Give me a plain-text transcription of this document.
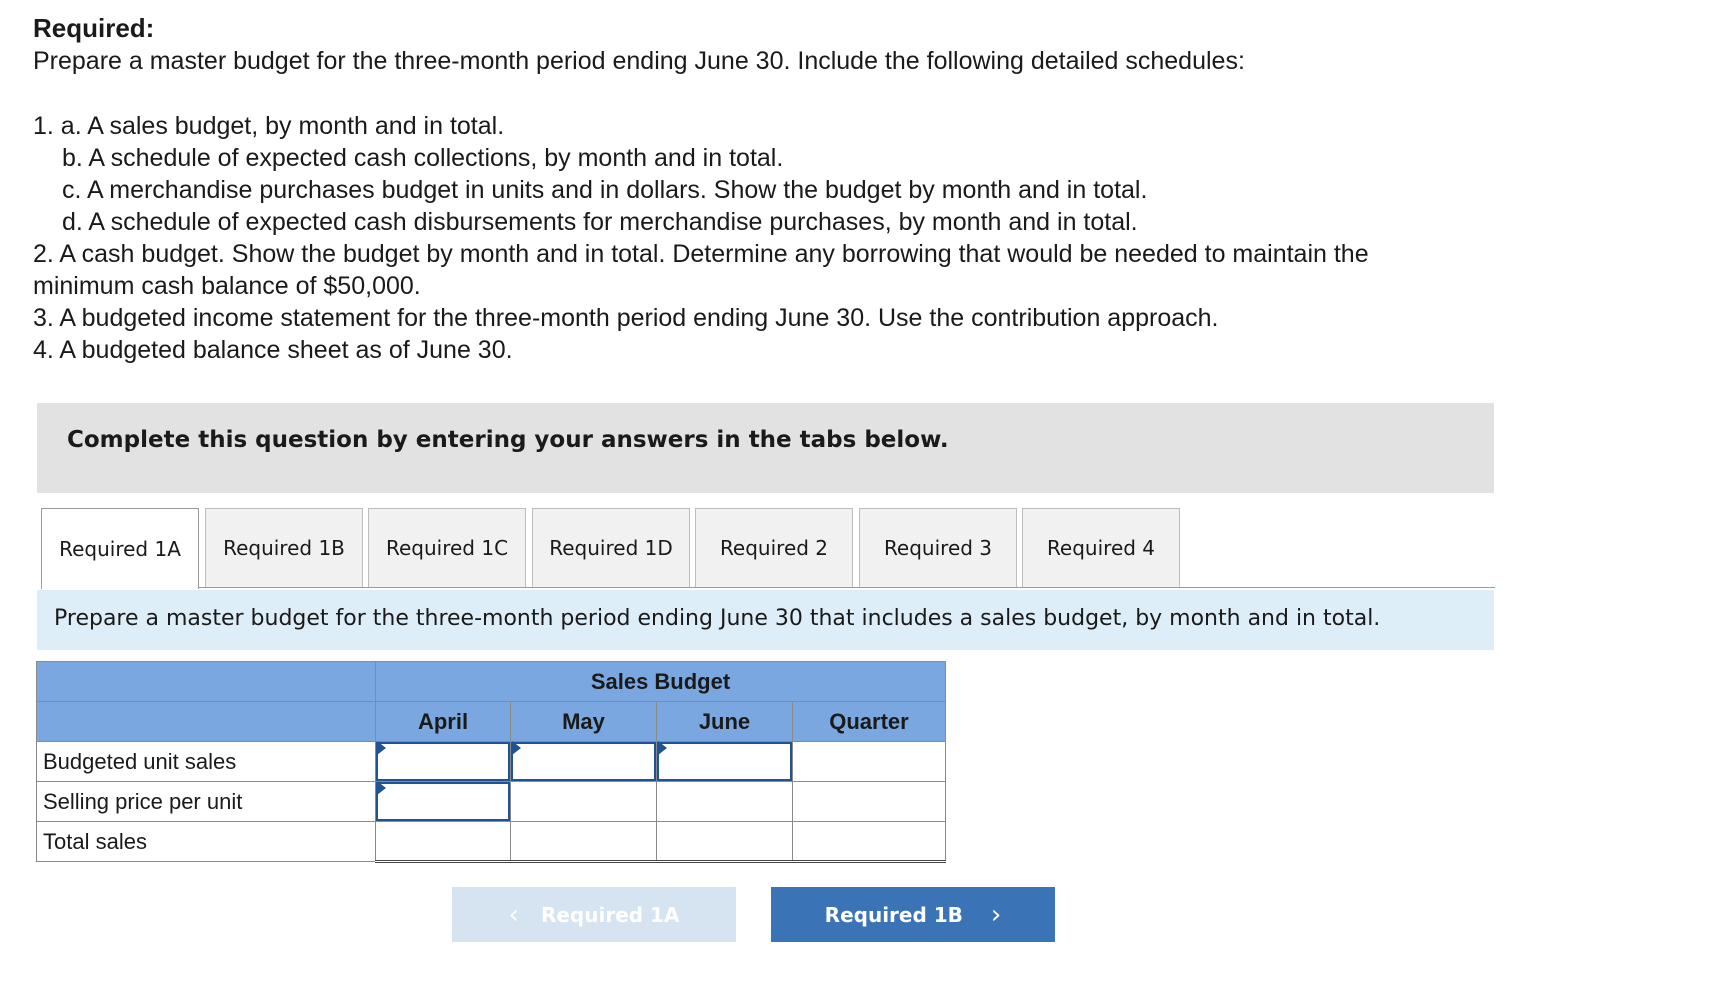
Required:
Prepare a master budget for the three-month period ending June 30. Include the following detailed schedules:
1. a. A sales budget, by month and in total.
b. A schedule of expected cash collections, by month and in total.
c. A merchandise purchases budget in units and in dollars. Show the budget by month and in total.
d. A schedule of expected cash disbursements for merchandise purchases, by month and in total.
2. A cash budget. Show the budget by month and in total. Determine any borrowing that would be needed to maintain the
minimum cash balance of $50,000.
3. A budgeted income statement for the three-month period ending June 30. Use the contribution approach.
4. A budgeted balance sheet as of June 30.
Complete this question by entering your answers in the tabs below.
Required 1A	Required 1B	Required 1C	Required 1D	Required 2	Required 3	Required 4
Prepare a master budget for the three-month period ending June 30 that includes a sales budget, by month and in total.
	Sales Budget			
	April	May	June	Quarter
Budgeted unit sales	

Selling price per unit	

Total sales				
‹ Required 1A	Required 1B ›
